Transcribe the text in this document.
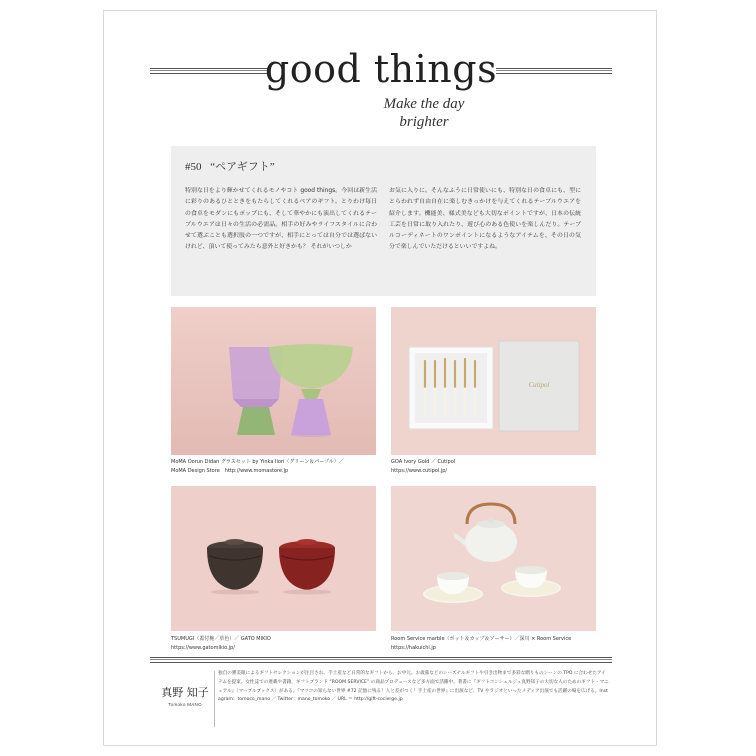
good things
Make the day
brighter
#50 “ペアギフト”
特別な日をより輝かせてくれるモノやコト good things。今回は新生活に彩りのあるひとときをもたらしてくれるペアのギフト。とりわけ毎日の食卓をモダンにもポップにも、そして華やかにも演出してくれるテーブルウエアは日々の生活の必需品。相手の好みやライフスタイルに合わせて選ぶことも選択肢の一つですが、相手にとっては自分では選ばないけれど、頂いて使ってみたら意外と好きかも？ それがいつしか
お気に入りに。そんなふうに日常使いにも、特別な日の食卓にも、型にとらわれず自由自在に楽しむきっかけを与えてくれるテーブルウエアを紹介します。機能美、様式美なども大切なポイントですが、日本の伝統工芸を日常に取り入れたり、遊び心のある色使いを楽しんだり。テーブルコーディネートのワンポイントになるようなアイテムを、その日の気分で楽しんでいただけるといいですよね。
MoMA Oorun Didan グラスセット by Yinka Ilori（グリーン＆パープル）／
MoMA Design Store　http://www.momastore.jp
Cutipol
GOA Ivory Gold ／ Cutipol
https://www.cutipol.jp/
TSUMUGI（蓋付椀／草色）／ GATO MIKIO
https://www.gatomikio.jp/
Room Service marble（ポット＆カップ＆ソーサー）／深川 × Room Service
https://hakuichi.jp
真野 知子
Tomoko MANO
独自の審美眼によるギフトセレクションが注目され、手土産など日常的なギフトから、お中元、お歳暮などのシーズナルギフトや引き出物まで多彩な贈りものシーンの TPO に合わせたアイテムを提案。女性誌での連載や書籍、ギフトブランド “ROOM SERVICE” の商品プロデュースなど多方面で活躍中。著書に『ギフトコンシェルジュ真野知子の大切な人のためのギフト・マニュアル』（マーブルブックス）がある。『マツコの知らない世界 #72 記憶に残る！人と差がつく！手土産の世界』に出演など、TV やラジオといったメディア出演でも活躍の場を広げる。Instagram：tomoco_mano ／ Twitter：mano_tomoko ／ URL ＝ http://gift-cocierge.jp
